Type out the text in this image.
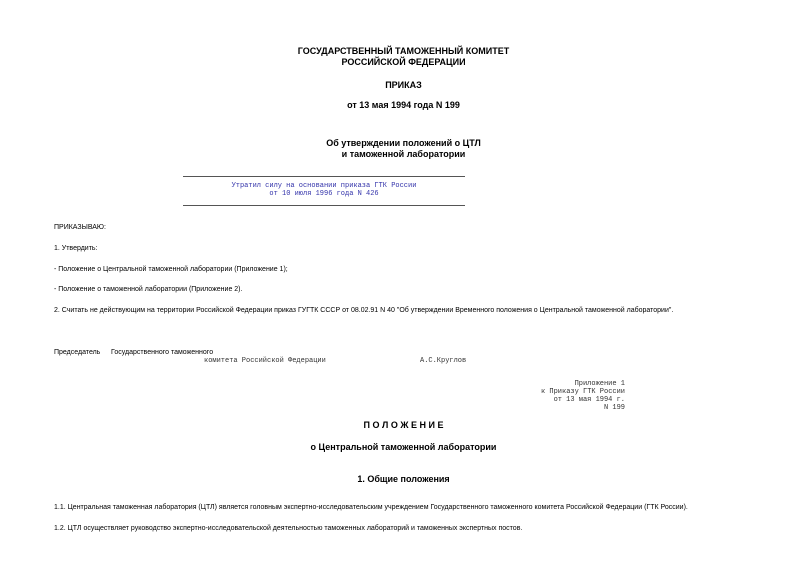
ГОСУДАРСТВЕННЫЙ ТАМОЖЕННЫЙ КОМИТЕТ
РОССИЙСКОЙ ФЕДЕРАЦИИ
ПРИКАЗ
от 13 мая 1994 года N 199
Об утверждении положений о ЦТЛ
и таможенной лаборатории
Утратил силу на основании приказа ГТК России
от 10 июля 1996 года N 426
ПРИКАЗЫВАЮ:
1. Утвердить:
- Положение о Центральной таможенной лаборатории (Приложение 1);
- Положение о таможенной лаборатории (Приложение 2).
2. Считать не действующим на территории Российской Федерации приказ ГУГТК СССР от 08.02.91 N 40 "Об утверждении Временного положения о Центральной таможенной лаборатории".
Председатель Государственного таможенного
комитета Российской Федерации	А.С.Круглов
Приложение 1
к Приказу ГТК России
от 13 мая 1994 г.
N 199
П О Л О Ж Е Н И Е
о Центральной таможенной лаборатории
1. Общие положения
1.1. Центральная таможенная лаборатория (ЦТЛ) является головным экспертно-исследовательским учреждением Государственного таможенного комитета Российской Федерации (ГТК России).
1.2. ЦТЛ осуществляет руководство экспертно-исследовательской деятельностью таможенных лабораторий и таможенных экспертных постов.
